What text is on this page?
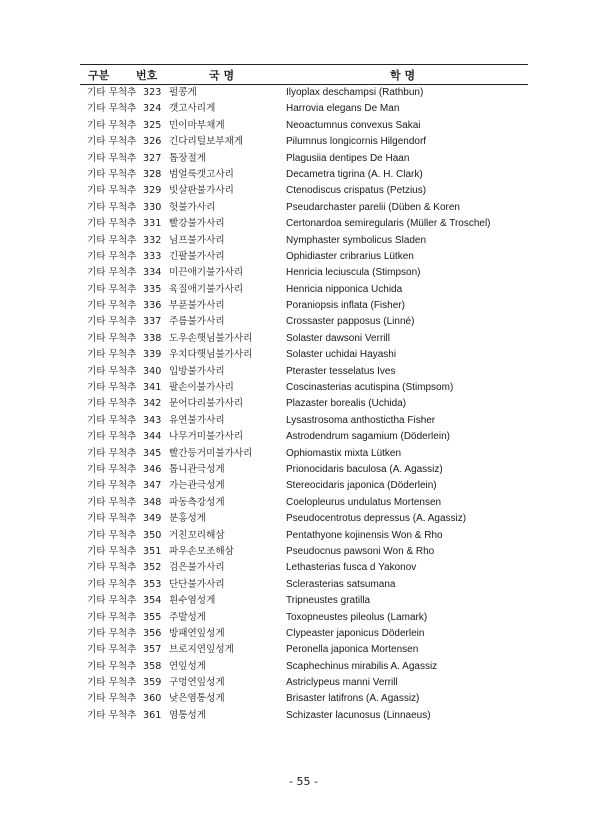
구분 번호	국 명	학 명
기타 무척추 323 펄콩게	Ilyoplax deschampsi (Rathbun)
기타 무척추 324 갯고사리게	Harrovia elegans De Man
기타 무척추 325 민이마부채게	Neoactumnus convexus Sakai
기타 무척추 326 긴다리털보부채게	Pilumnus longicornis Hilgendorf
기타 무척추 327 톱장절게	Plagusiia dentipes De Haan
기타 무척추 328 범얼룩갯고사리	Decametra tigrina (A. H. Clark)
기타 무척추 329 빗살판불가사리	Ctenodiscus crispatus (Petzius)
기타 무척추 330 헛불가사리	Pseudarchaster parelii (Düben & Koren
기타 무척추 331 빨강불가사리	Certonardoa semiregularis (Müller & Troschel)
기타 무척추 332 님프불가사리	Nymphaster symbolicus Sladen
기타 무척추 333 긴팔불가사리	Ophidiaster cribrarius Lütken
기타 무척추 334 미끈애기불가사리	Henricia leciuscula (Stimpson)
기타 무척추 335 육질애기불가사리	Henricia nipponica Uchida
기타 무척추 336 부푼불가사리	Poraniopsis inflata (Fisher)
기타 무척추 337 주름불가사리	Crossaster papposus (Linné)
기타 무척추 338 도우손햇님불가사리	Solaster dawsoni Verrill
기타 무척추 339 우치다햇님불가사리	Solaster uchidai Hayashi
기타 무척추 340 입방불가사리	Pteraster tesselatus Ives
기타 무척추 341 팔손이불가사리	Coscinasterias acutispina (Stimpsom)
기타 무척추 342 문어다리불가사리	Plazaster borealis (Uchida)
기타 무척추 343 유연불가사리	Lysastrosoma anthostictha Fisher
기타 무척추 344 나무거미불가사리	Astrodendrum sagamium (Döderlein)
기타 무척추 345 빨간등거미불가사리	Ophiomastix mixta Lütken
기타 무척추 346 톱니관극성게	Prionocidaris baculosa (A. Agassiz)
기타 무척추 347 가는관극성게	Stereocidaris japonica (Döderlein)
기타 무척추 348 파동측강성게	Coelopleurus undulatus Mortensen
기타 무척추 349 분홍성게	Pseudocentrotus depressus (A. Agassiz)
기타 무척추 350 거친꼬리해삼	Pentathyone kojinensis Won & Rho
기타 무척추 351 파우손모조해삼	Pseudocnus pawsoni Won & Rho
기타 무척추 352 검은불가사리	Lethasterias fusca d Yakonov
기타 무척추 353 단단불가사리	Sclerasterias satsumana
기타 무척추 354 흰수염성게	Tripneustes gratilla
기타 무척추 355 주발성게	Toxopneustes pileolus (Lamark)
기타 무척추 356 방패연잎성게	Clypeaster japonicus Döderlein
기타 무척추 357 브로지연잎성게	Peronella japonica Mortensen
기타 무척추 358 연잎성게	Scaphechinus mirabilis A. Agassiz
기타 무척추 359 구멍연잎성게	Astriclypeus manni Verrill
기타 무척추 360 낮은염통성게	Brisaster latifrons (A. Agassiz)
기타 무척추 361 염통성게	Schizaster lacunosus (Linnaeus)
- 55 -
